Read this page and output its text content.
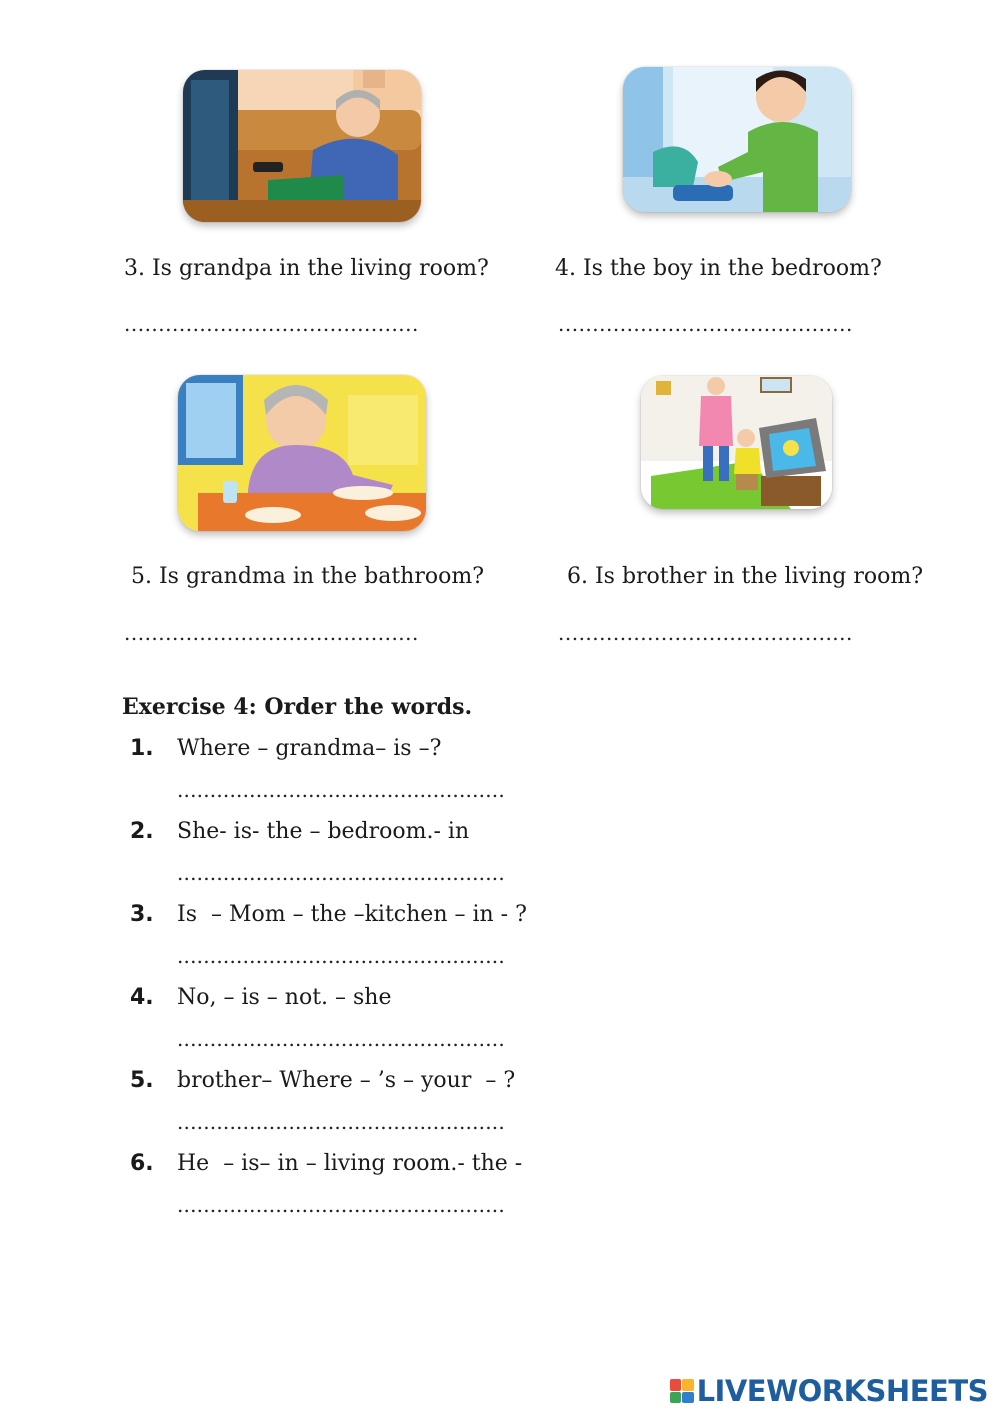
3. Is grandpa in the living room?
...........................................
4. Is the boy in the bedroom?
...........................................
5. Is grandma in the bathroom?
...........................................
6. Is brother in the living room?
...........................................
Exercise 4: Order the words.
1. Where – grandma– is –?
..................................................
2. She- is- the – bedroom.- in
..................................................
3. Is  – Mom – the –kitchen – in - ?
..................................................
4. No, – is – not. – she
..................................................
5. brother– Where – ’s – your  – ?
..................................................
6. He  – is– in – living room.- the -
..................................................
LIVEWORKSHEETS
